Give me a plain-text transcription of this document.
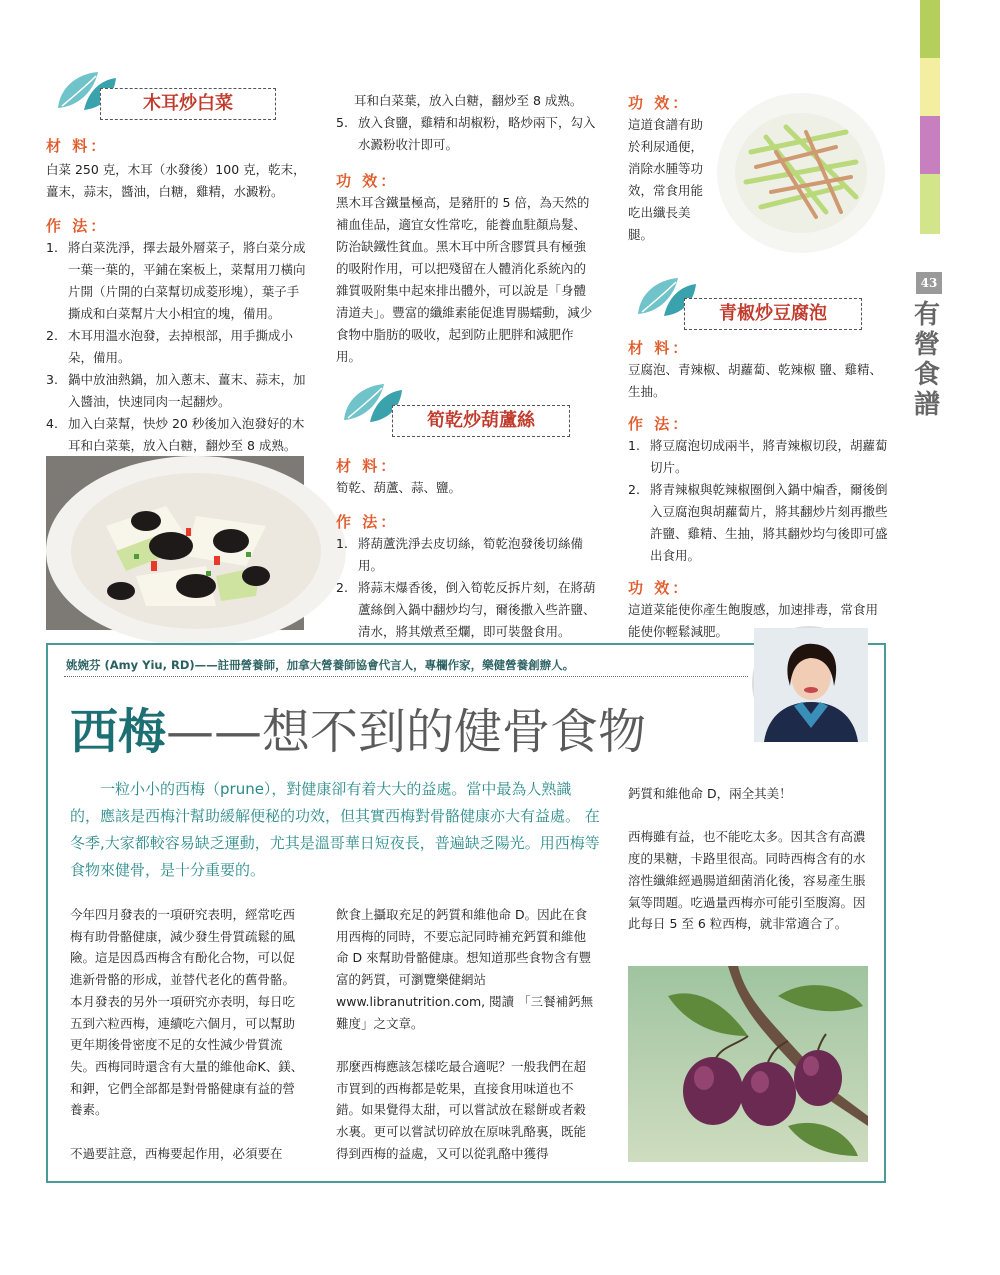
43
有營食譜
木耳炒白菜
材 料：
白菜 250 克，木耳（水發後）100 克，乾末，薑末，蒜末，醬油，白糖，雞精，水澱粉。
作 法：
1. 將白菜洗淨，擇去最外層菜子，將白菜分成一葉一葉的，平鋪在案板上，菜幫用刀橫向片開（片開的白菜幫切成菱形塊），葉子手撕成和白菜幫片大小相宜的塊，備用。
2. 木耳用溫水泡發，去掉根部，用手撕成小朵，備用。
3. 鍋中放油熱鍋，加入蔥末、薑末、蒜末，加入醬油，快速同肉一起翻炒。
4. 加入白菜幫，快炒 20 秒後加入泡發好的木耳和白菜葉，放入白糖，翻炒至 8 成熟。
耳和白菜葉，放入白糖，翻炒至 8 成熟。
5. 放入食鹽，雞精和胡椒粉，略炒兩下，勾入水澱粉收汁即可。
功 效：
黑木耳含鐵量極高，是豬肝的 5 倍，為天然的補血佳品，適宜女性常吃，能養血駐顏烏髮、防治缺鐵性貧血。黑木耳中所含膠質具有極強的吸附作用，可以把殘留在人體消化系統內的雜質吸附集中起來排出體外，可以說是「身體清道夫」。豐富的纖維素能促進胃腸蠕動，減少食物中脂肪的吸收，起到防止肥胖和減肥作用。
筍乾炒葫蘆絲
材 料：
筍乾、葫蘆、蒜、鹽。
作 法：
1. 將葫蘆洗淨去皮切絲，筍乾泡發後切絲備用。
2. 將蒜末爆香後，倒入筍乾反拆片刻，在將葫蘆絲倒入鍋中翻炒均勻，爾後撒入些許鹽、清水，將其燉煮至爛，即可裝盤食用。
功 效：
這道食譜有助於利尿通便，消除水腫等功效，常食用能吃出纖長美腿。
青椒炒豆腐泡
材 料：
豆腐泡、青辣椒、胡蘿蔔、乾辣椒 鹽、雞精、生抽。
作 法：
1. 將豆腐泡切成兩半，將青辣椒切段，胡蘿蔔切片。
2. 將青辣椒與乾辣椒圈倒入鍋中煸香，爾後倒入豆腐泡與胡蘿蔔片，將其翻炒片刻再撒些許鹽、雞精、生抽，將其翻炒均勻後即可盛出食用。
功 效：
這道菜能使你產生飽腹感，加速排毒，常食用能使你輕鬆減肥。
姚婉芬 (Amy Yiu, RD)——註冊營養師，加拿大營養師協會代言人，專欄作家，樂健營養創辦人。
西梅——想不到的健骨食物
一粒小小的西梅（prune），對健康卻有着大大的益處。當中最為人熟識的，應該是西梅汁幫助緩解便秘的功效，但其實西梅對骨骼健康亦大有益處。 在冬季,大家都較容易缺乏運動，尤其是溫哥華日短夜長，普遍缺乏陽光。用西梅等食物來健骨，是十分重要的。

今年四月發表的一項研究表明，經常吃西梅有助骨骼健康，減少發生骨質疏鬆的風險。這是因爲西梅含有酚化合物，可以促進新骨骼的形成，並替代老化的舊骨骼。本月發表的另外一項研究亦表明，每日吃五到六粒西梅，連續吃六個月，可以幫助更年期後骨密度不足的女性減少骨質流失。西梅同時還含有大量的維他命K、鎂、和鉀，它們全部都是對骨骼健康有益的營養素。

不過要註意，西梅要起作用，必須要在

飲食上攝取充足的鈣質和維他命 D。因此在食用西梅的同時，不要忘記同時補充鈣質和維他命 D 來幫助骨骼健康。想知道那些食物含有豐富的鈣質，可瀏覽樂健網站 www.libranutrition.com, 閱讀 「三餐補鈣無難度」之文章。

那麼西梅應該怎樣吃最合適呢？一般我們在超市買到的西梅都是乾果，直接食用味道也不錯。如果覺得太甜，可以嘗試放在鬆餅或者穀水裏。更可以嘗試切碎放在原味乳酪裏，既能得到西梅的益處，又可以從乳酪中獲得

鈣質和維他命 D，兩全其美！

西梅雖有益，也不能吃太多。因其含有高濃度的果糖，卡路里很高。同時西梅含有的水溶性纖維經過腸道細菌消化後，容易產生脹氣等問題。吃過量西梅亦可能引至腹瀉。因此每日 5 至 6 粒西梅，就非常適合了。
